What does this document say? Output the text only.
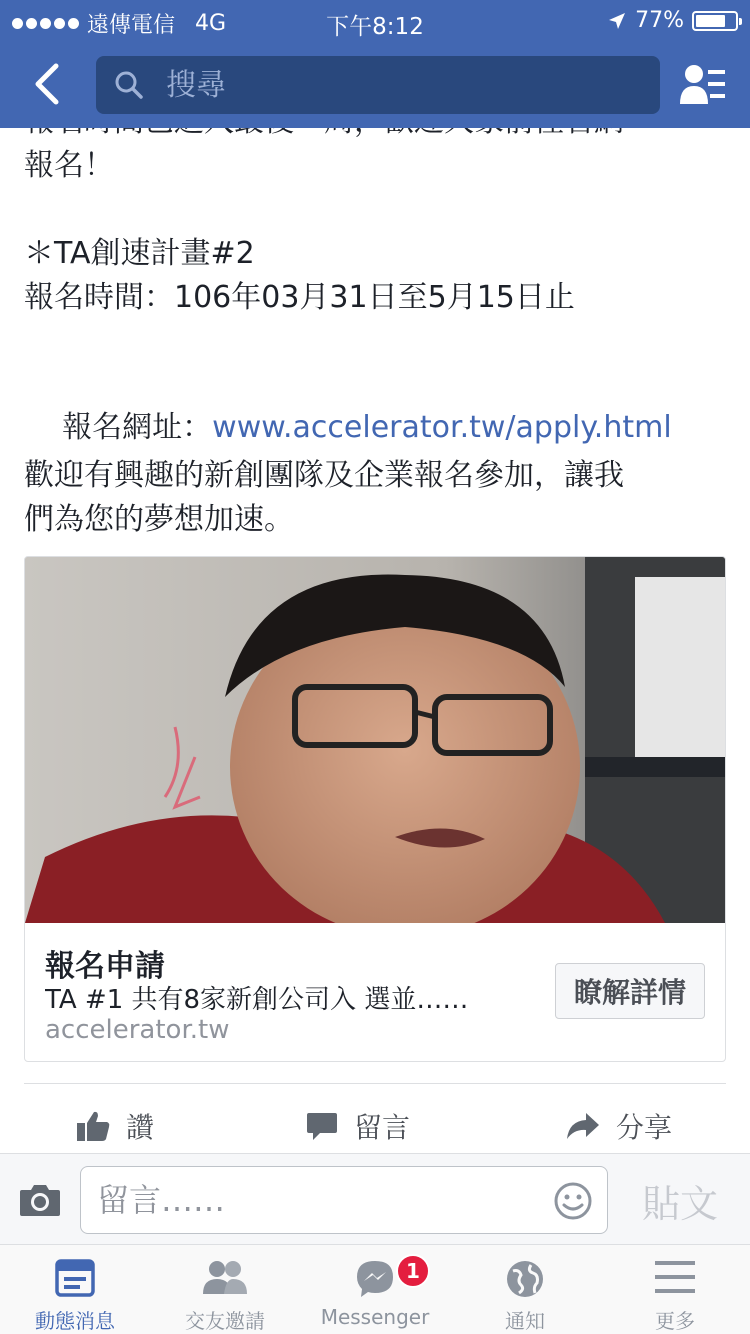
遠傳電信 4G	下午8:12	77%
搜尋
報名！
＊TA創速計畫#2
報名時間：106年03月31日至5月15日止

報名網址：www.accelerator.tw/apply.html

歡迎有興趣的新創團隊及企業報名參加，讓我
們為您的夢想加速。
報名申請
TA #1 共有8家新創公司入 選並……
accelerator.tw
瞭解詳情
讚	留言	分享
留言……
貼文
動態消息	交友邀請	Messenger	通知	更多
1
